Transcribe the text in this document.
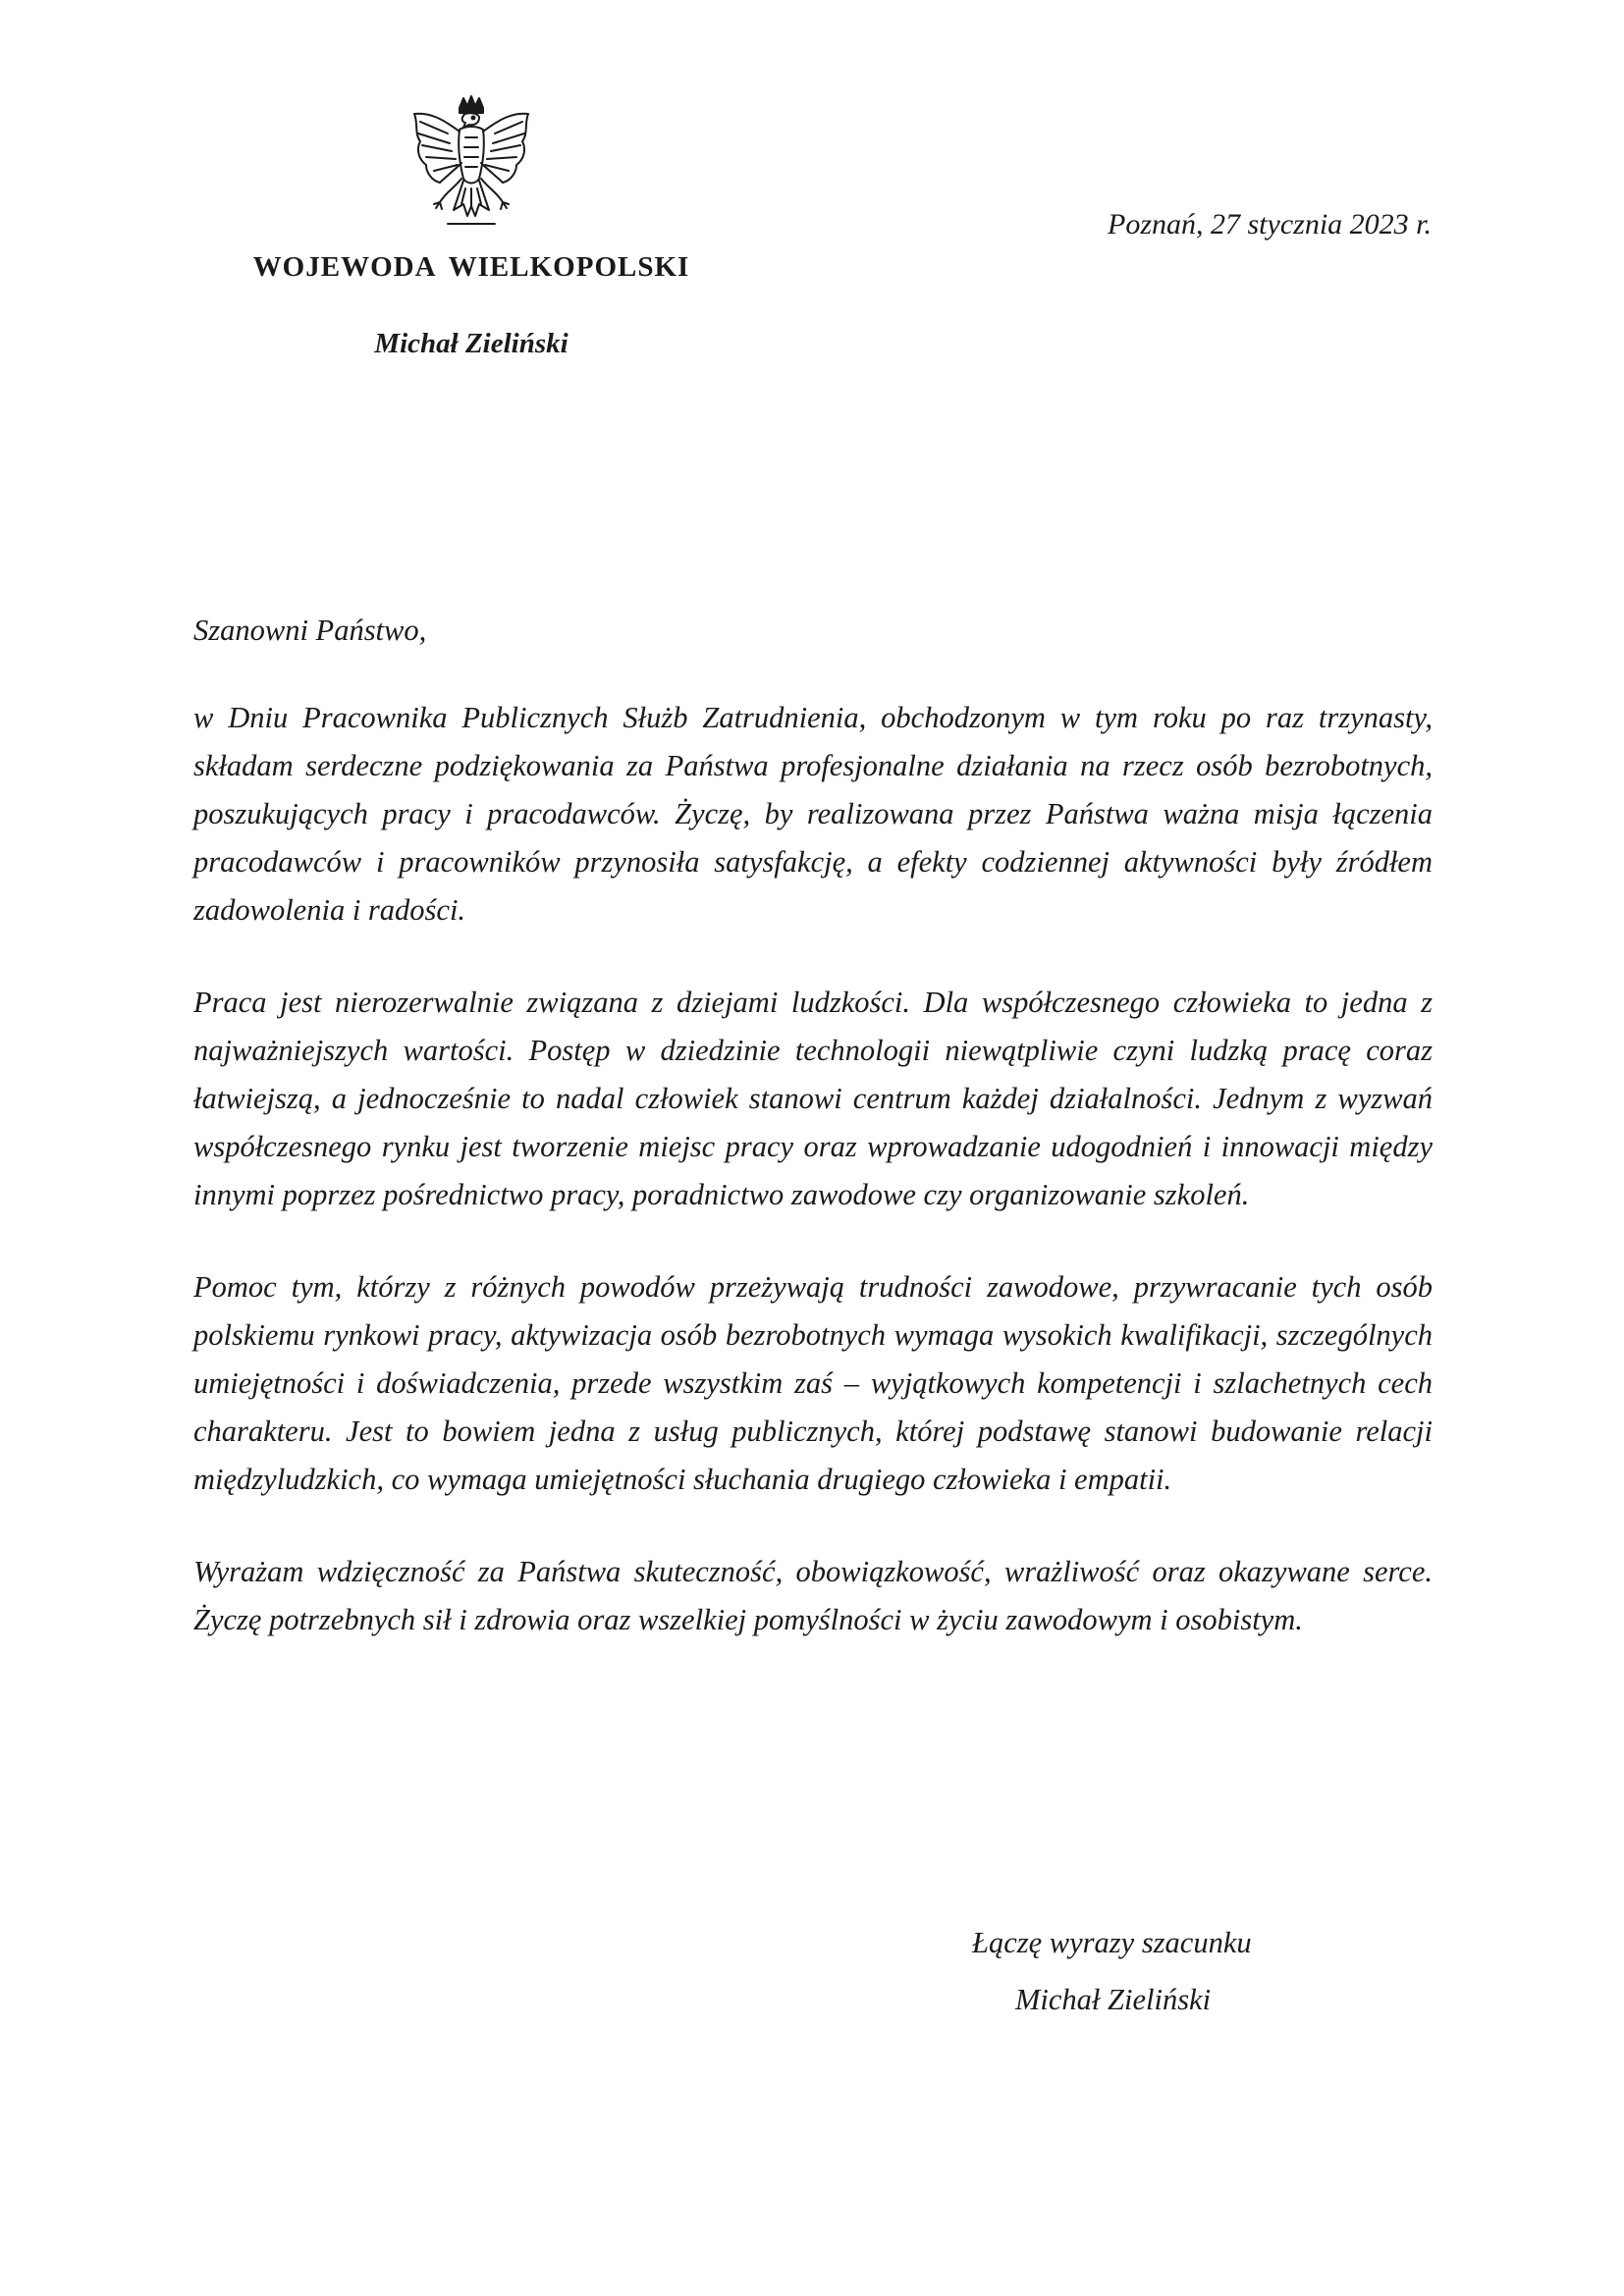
WOJEWODA WIELKOPOLSKI
Michał Zieliński
Poznań, 27 stycznia 2023 r.

Szanowni Państwo,

w Dniu Pracownika Publicznych Służb Zatrudnienia, obchodzonym w tym roku po raz trzynasty, składam serdeczne podziękowania za Państwa profesjonalne działania na rzecz osób bezrobotnych, poszukujących pracy i pracodawców. Życzę, by realizowana przez Państwa ważna misja łączenia pracodawców i pracowników przynosiła satysfakcję, a efekty codziennej aktywności były źródłem zadowolenia i radości.

Praca jest nierozerwalnie związana z dziejami ludzkości. Dla współczesnego człowieka to jedna z najważniejszych wartości. Postęp w dziedzinie technologii niewątpliwie czyni ludzką pracę coraz łatwiejszą, a jednocześnie to nadal człowiek stanowi centrum każdej działalności. Jednym z wyzwań współczesnego rynku jest tworzenie miejsc pracy oraz wprowadzanie udogodnień i innowacji między innymi poprzez pośrednictwo pracy, poradnictwo zawodowe czy organizowanie szkoleń.

Pomoc tym, którzy z różnych powodów przeżywają trudności zawodowe, przywracanie tych osób polskiemu rynkowi pracy, aktywizacja osób bezrobotnych wymaga wysokich kwalifikacji, szczególnych umiejętności i doświadczenia, przede wszystkim zaś – wyjątkowych kompetencji i szlachetnych cech charakteru. Jest to bowiem jedna z usług publicznych, której podstawę stanowi budowanie relacji międzyludzkich, co wymaga umiejętności słuchania drugiego człowieka i empatii.

Wyrażam wdzięczność za Państwa skuteczność, obowiązkowość, wrażliwość oraz okazywane serce. Życzę potrzebnych sił i zdrowia oraz wszelkiej pomyślności w życiu zawodowym i osobistym.

Łączę wyrazy szacunku
Michał Zieliński
